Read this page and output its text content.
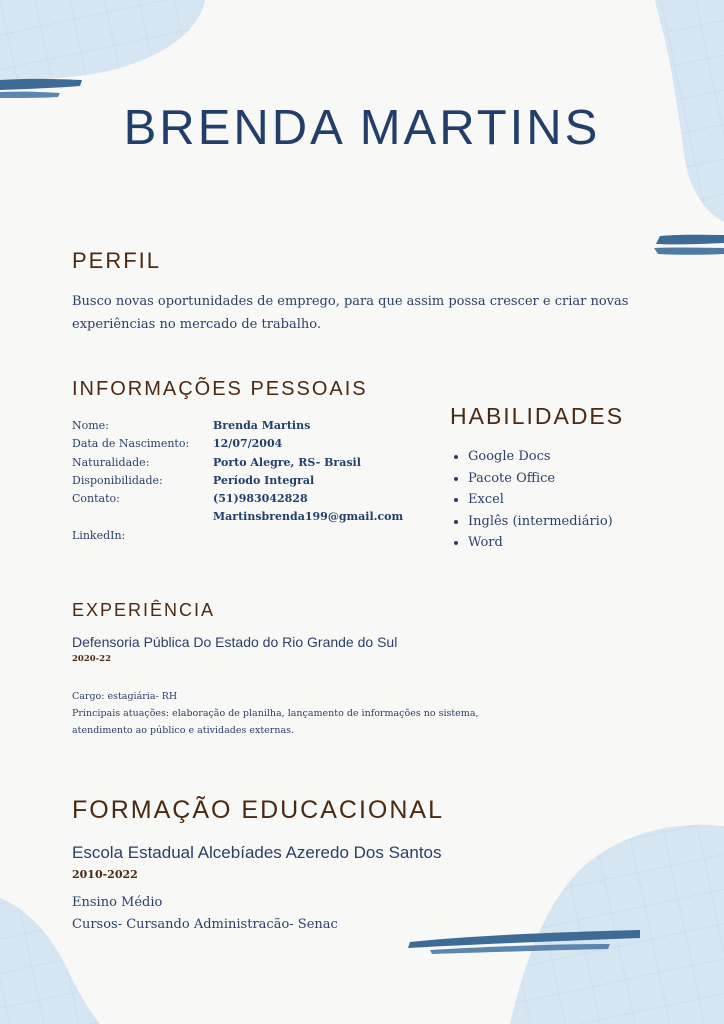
BRENDA MARTINS
PERFIL

Busco novas oportunidades de emprego, para que assim possa crescer e criar novas experiências no mercado de trabalho.

INFORMAÇÕES PESSOAIS
Nome:	Brenda Martins
Data de Nascimento: 12/07/2004
Naturalidade:	Porto Alegre, RS- Brasil
Disponibilidade:	Período Integral
Contato:	(51)983042828
Martinsbrenda199@gmail.com
LinkedIn:
HABILIDADES
• Google Docs
• Pacote Office
• Excel
• Inglês (intermediário)
• Word
EXPERIÊNCIA
Defensoria Pública Do Estado do Rio Grande do Sul
2020-22
Cargo: estagiária- RH
Principais atuações: elaboração de planilha, lançamento de informações no sistema,
atendimento ao público e atividades externas.
FORMAÇÃO EDUCACIONAL
Escola Estadual Alcebíades Azeredo Dos Santos
2010-2022
Ensino Médio
Cursos- Cursando Administracão- Senac
